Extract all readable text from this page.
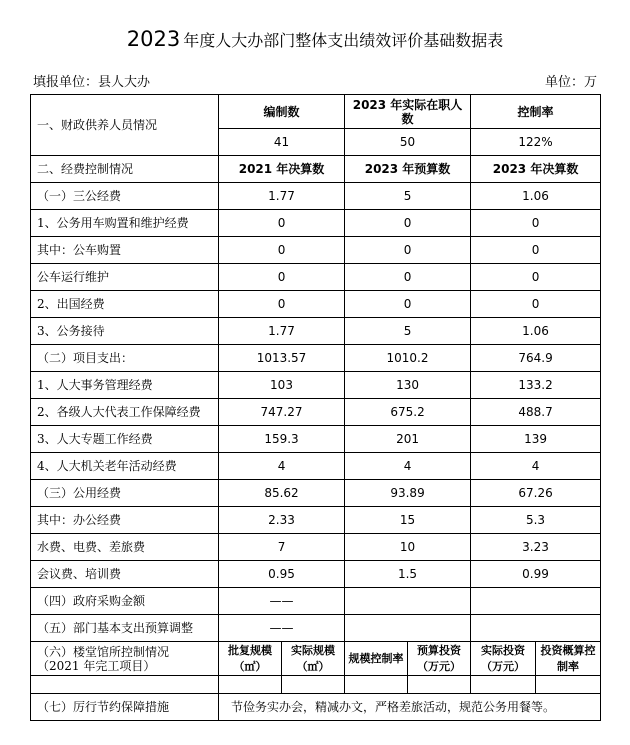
2023 年度人大办部门整体支出绩效评价基础数据表
填报单位：县人大办	单位：万
一、财政供养人员情况	编制数		2023 年实际在职人数		控制率	
	41		50		122%	
二、经费控制情况	2021 年决算数		2023 年预算数		2023 年决算数	
（一）三公经费	1.77		5		1.06	
1、公务用车购置和维护经费	0		0		0	
其中：公车购置	0		0		0	
公车运行维护	0		0		0	
2、出国经费	0		0		0	
3、公务接待	1.77		5		1.06	
（二）项目支出：	1013.57		1010.2		764.9	
1、人大事务管理经费	103		130		133.2	
2、各级人大代表工作保障经费	747.27		675.2		488.7	
3、人大专题工作经费	159.3		201		139	
4、人大机关老年活动经费	4		4		4	
（三）公用经费	85.62		93.89		67.26	
其中：办公经费	2.33		15		5.3	
水费、电费、差旅费	7		10		3.23	
会议费、培训费	0.95		1.5		0.99	
（四）政府采购金额	——					
（五）部门基本支出预算调整	——					
（六）楼堂馆所控制情况
（2021 年完工项目）	批复规模（㎡）	实际规模（㎡）	规模控制率	预算投资（万元）	实际投资（万元）	投资概算控制率

（七）厉行节约保障措施	节俭务实办会，精减办文，严格差旅活动，规范公务用餐等。					
